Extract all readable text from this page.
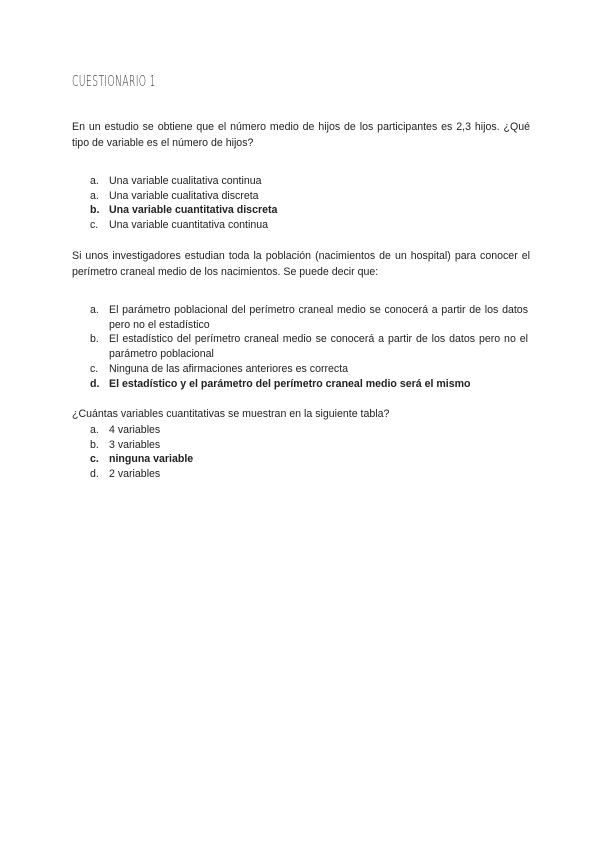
CUESTIONARIO 1

En un estudio se obtiene que el número medio de hijos de los participantes es 2,3 hijos. ¿Qué tipo de variable es el número de hijos?

a. Una variable cualitativa continua
a. Una variable cualitativa discreta
b. Una variable cuantitativa discreta
c. Una variable cuantitativa continua

Si unos investigadores estudian toda la población (nacimientos de un hospital) para conocer el perímetro craneal medio de los nacimientos. Se puede decir que:

a. El parámetro poblacional del perímetro craneal medio se conocerá a partir de los datos pero no el estadístico
b. El estadístico del perímetro craneal medio se conocerá a partir de los datos pero no el parámetro poblacional
c. Ninguna de las afirmaciones anteriores es correcta
d. El estadístico y el parámetro del perímetro craneal medio será el mismo

¿Cuántas variables cuantitativas se muestran en la siguiente tabla?

a. 4 variables
b. 3 variables
c. ninguna variable
d. 2 variables
